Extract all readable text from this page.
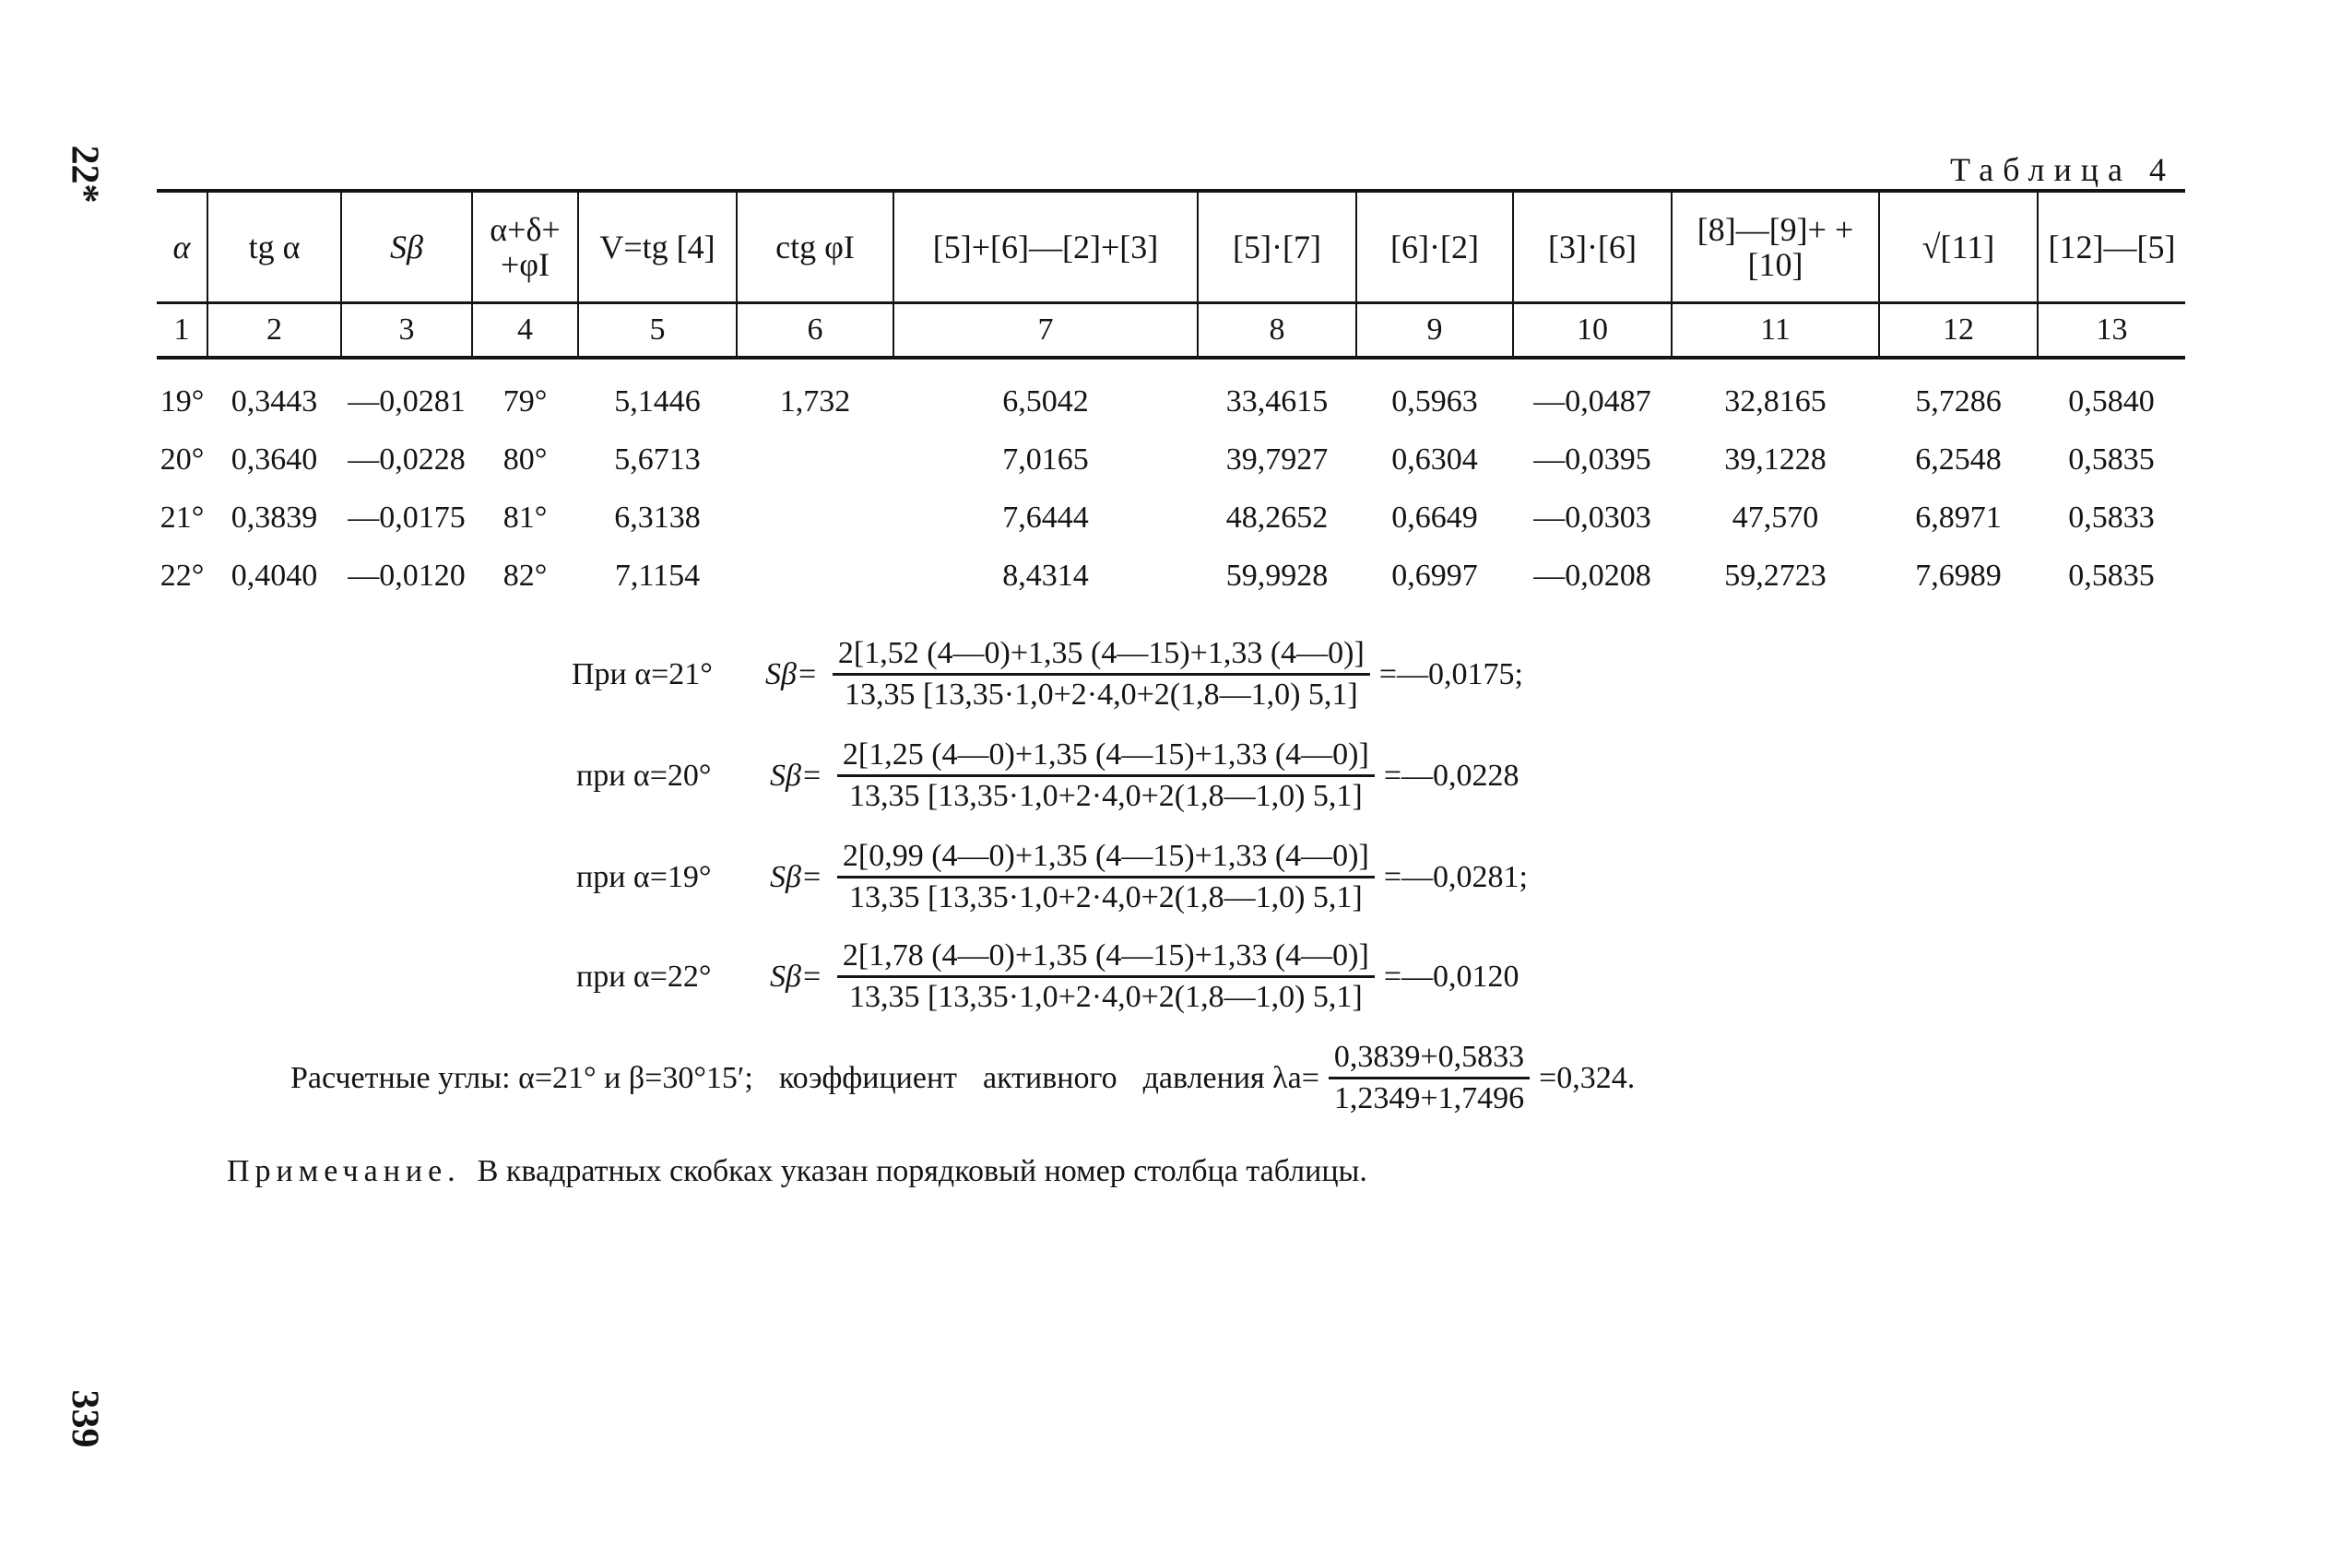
22*
339
Таблица 4
α	tg α	Sβ	α+δ+ +φI	V=tg [4]	ctg φI	[5]+[6]—[2]+[3]	[5]·[7]	[6]·[2]	[3]·[6]	[8]—[9]+ +[10]	√[11]	[12]—[5]
1	2	3	4	5	6	7	8	9	10	11	12	13
19°	0,3443	—0,0281	79°	5,1446	1,732	6,5042	33,4615	0,5963	—0,0487	32,8165	5,7286	0,5840
20°	0,3640	—0,0228	80°	5,6713		7,0165	39,7927	0,6304	—0,0395	39,1228	6,2548	0,5835
21°	0,3839	—0,0175	81°	6,3138		7,6444	48,2652	0,6649	—0,0303	47,570	6,8971	0,5833
22°	0,4040	—0,0120	82°	7,1154		8,4314	59,9928	0,6997	—0,0208	59,2723	7,6989	0,5835
При α=21°	$S\beta= \frac{2[1,52 (4—0)+1,35 (4—15)+1,33 (4—0)]}{13,35 [13,35\cdot 1,0+2\cdot 4,0+2(1,8—1,0) 5,1]}$ =—0,0175;
при α=20°	$S\beta= \frac{2[1,25 (4—0)+1,35 (4—15)+1,33 (4—0)]}{13,35 [13,35\cdot 1,0+2\cdot 4,0+2(1,8—1,0) 5,1]}$ =—0,0228
при α=19°	$S\beta= \frac{2[0,99 (4—0)+1,35 (4—15)+1,33 (4—0)]}{13,35 [13,35\cdot 1,0+2\cdot 4,0+2(1,8—1,0) 5,1]}$ =—0,0281;
при α=22°	$S\beta= \frac{2[1,78 (4—0)+1,35 (4—15)+1,33 (4—0)]}{13,35 [13,35\cdot 1,0+2\cdot 4,0+2(1,8—1,0) 5,1]}$ =—0,0120
Расчетные углы: α=21° и β=30°15′; коэффициент активного давления $\lambda a= \frac{0,3839+0,5833}{1,2349+1,7496} =0,324$.
Примечание. В квадратных скобках указан порядковый номер столбца таблицы.
